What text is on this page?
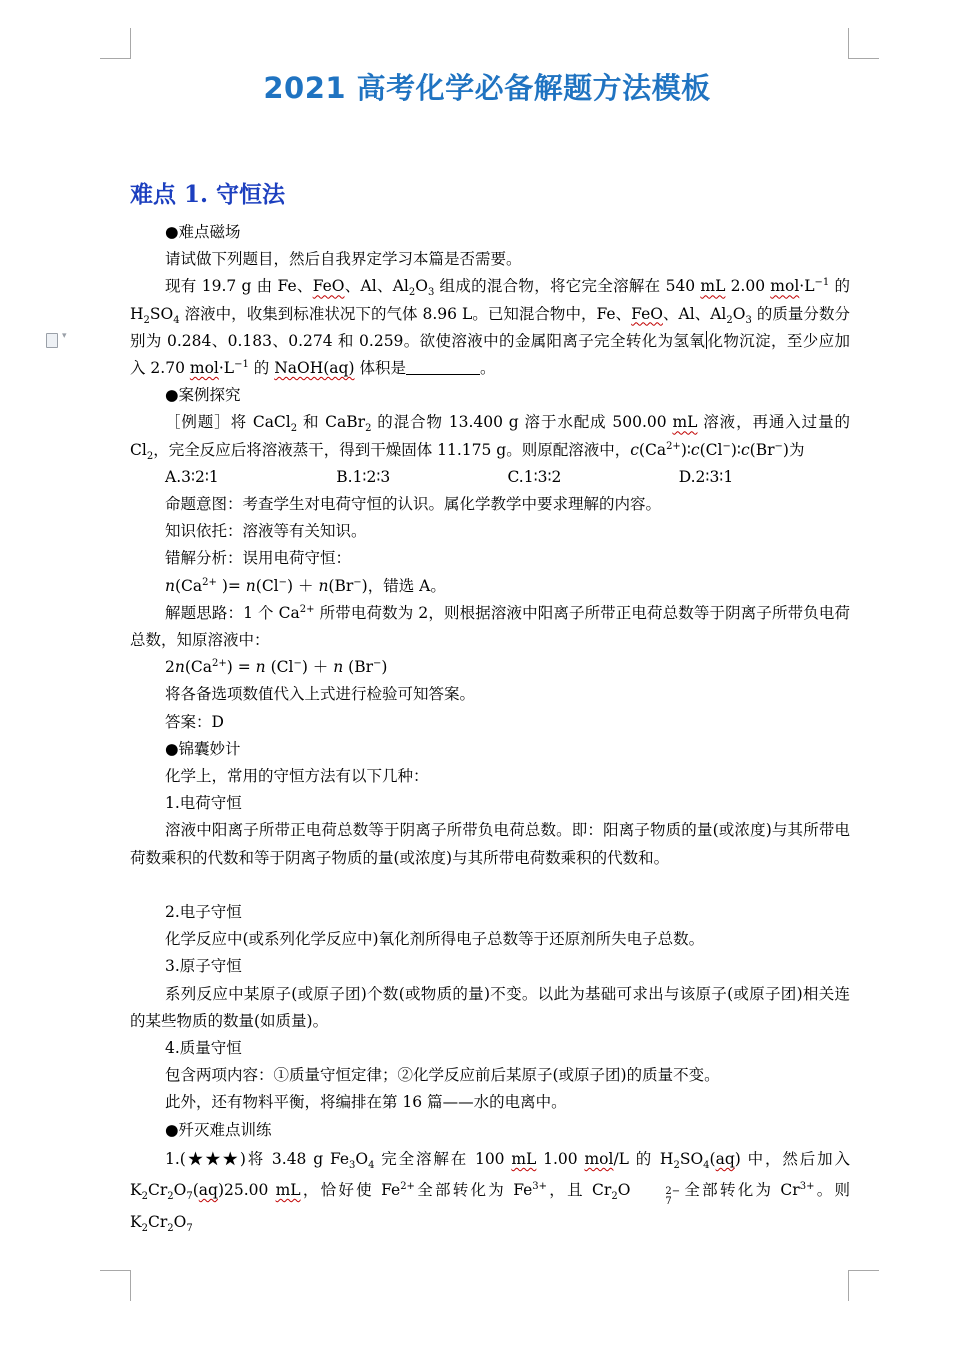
▾
2021 高考化学必备解题方法模板
难点 1. 守恒法

●难点磁场

请试做下列题目，然后自我界定学习本篇是否需要。

现有 19.7 g 由 Fe、FeO、Al、$Al_2O_3$ 组成的混合物，将它完全溶解在 540 mL 2.00 $mol\cdot L^{-1}$ 的 $H_2SO_4$ 溶液中，收集到标准状况下的气体 8.96 L。已知混合物中，Fe、FeO、Al、$Al_2O_3$ 的质量分数分别为 0.284、0.183、0.274 和 0.259。欲使溶液中的金属阳离子完全转化为氢氧 化物沉淀，至少应加入 2.70 $mol\cdot L^{-1}$ 的 NaOH(aq) 体积是	。

●案例探究

［例题］将 CaCl$_2$ 和 CaBr$_2$ 的混合物 13.400 g 溶于水配成 500.00 mL 溶液，再通入过量的 $Cl_2$，完全反应后将溶液蒸干，得到干燥固体 11.175 g。则原配溶液中，$c(Ca^{2+})∶c(Cl^-)∶c(Br^-)$为

A.3∶2∶1	B.1∶2∶3	C.1∶3∶2	D.2∶3∶1

命题意图：考查学生对电荷守恒的认识。属化学教学中要求理解的内容。

知识依托：溶液等有关知识。

错解分析：误用电荷守恒：

$n(Ca^{2+}$ )= n(Cl−) ＋ n(Br−)，错选 A。

解题思路：1 个 $Ca^{2+}$ 所带电荷数为 2，则根据溶液中阳离子所带正电荷总数等于阴离子所带负电荷总数，知原溶液中：

$2n(Ca^{2+}) = n$ (Cl−) ＋ n (Br−)

将各备选项数值代入上式进行检验可知答案。

答案：D

●锦囊妙计

化学上，常用的守恒方法有以下几种：

1.电荷守恒

溶液中阳离子所带正电荷总数等于阴离子所带负电荷总数。即：阳离子物质的量(或浓度)与其所带电荷数乘积的代数和等于阴离子物质的量(或浓度)与其所带电荷数乘积的代数和。

2.电子守恒

化学反应中(或系列化学反应中)氧化剂所得电子总数等于还原剂所失电子总数。

3.原子守恒

系列反应中某原子(或原子团)个数(或物质的量)不变。以此为基础可求出与该原子(或原子团)相关连的某些物质的数量(如质量)。

4.质量守恒

包含两项内容：①质量守恒定律；②化学反应前后某原子(或原子团)的质量不变。

此外，还有物料平衡，将编排在第 16 篇——水的电离中。

●歼灭难点训练

1.(★★★)将 3.48 g $Fe_3O_4$ 完全溶解在 100 mL 1.00 mol/L 的 $H_2SO_4(aq)$ 中，然后加入 $K_2Cr_2O_7(aq)25.00$ mL，恰好使 $Fe^{2+}$全部转化为 $Fe^{3+}$，且 $Cr_2O$	2−
7
全部转化为 $Cr^{3+}$。则 $K_2Cr_2O_7$
